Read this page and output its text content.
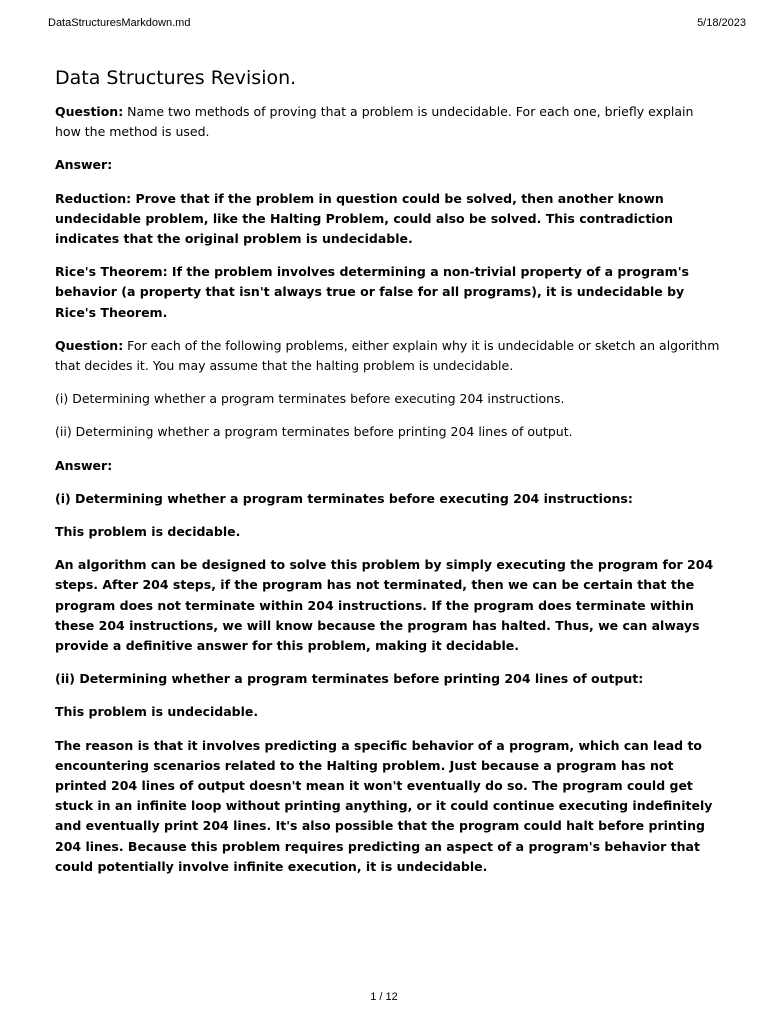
DataStructuresMarkdown.md	5/18/2023
Data Structures Revision.

Question: Name two methods of proving that a problem is undecidable. For each one, briefly explain how the method is used.

Answer:

Reduction: Prove that if the problem in question could be solved, then another known undecidable problem, like the Halting Problem, could also be solved. This contradiction indicates that the original problem is undecidable.

Rice's Theorem: If the problem involves determining a non-trivial property of a program's behavior (a property that isn't always true or false for all programs), it is undecidable by Rice's Theorem.

Question: For each of the following problems, either explain why it is undecidable or sketch an algorithm that decides it. You may assume that the halting problem is undecidable.

(i) Determining whether a program terminates before executing 204 instructions.

(ii) Determining whether a program terminates before printing 204 lines of output.

Answer:

(i) Determining whether a program terminates before executing 204 instructions:

This problem is decidable.

An algorithm can be designed to solve this problem by simply executing the program for 204 steps. After 204 steps, if the program has not terminated, then we can be certain that the program does not terminate within 204 instructions. If the program does terminate within these 204 instructions, we will know because the program has halted. Thus, we can always provide a definitive answer for this problem, making it decidable.

(ii) Determining whether a program terminates before printing 204 lines of output:

This problem is undecidable.

The reason is that it involves predicting a specific behavior of a program, which can lead to encountering scenarios related to the Halting problem. Just because a program has not printed 204 lines of output doesn't mean it won't eventually do so. The program could get stuck in an infinite loop without printing anything, or it could continue executing indefinitely and eventually print 204 lines. It's also possible that the program could halt before printing 204 lines. Because this problem requires predicting an aspect of a program's behavior that could potentially involve infinite execution, it is undecidable.

1 / 12
